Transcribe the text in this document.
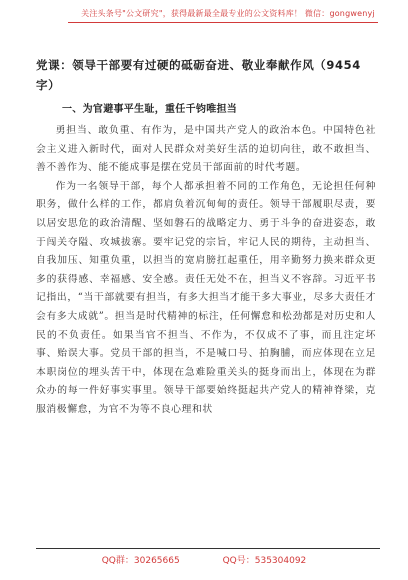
关注头条号"公文研究"，获得最新最全最专业的公文资料库！ 微信：gongwenyj
党课：领导干部要有过硬的砥砺奋进、敬业奉献作风（9454字）
一、为官避事平生耻，重任千钧唯担当

勇担当、敢负重、有作为，是中国共产党人的政治本色。中国特色社会主义进入新时代，面对人民群众对美好生活的迫切向往，敢不敢担当、善不善作为、能不能成事是摆在党员干部面前的时代考题。

作为一名领导干部，每个人都承担着不同的工作角色，无论担任何种职务，做什么样的工作，都肩负着沉甸甸的责任。领导干部履职尽责，要以居安思危的政治清醒、坚如磐石的战略定力、勇于斗争的奋进姿态，敢于闯关夺隘、攻城拔寨。要牢记党的宗旨，牢记人民的期待，主动担当、自我加压、知重负重，以担当的宽肩膀扛起重任，用辛勤努力换来群众更多的获得感、幸福感、安全感。责任无处不在，担当义不容辞。习近平书记指出，“当干部就要有担当，有多大担当才能干多大事业，尽多大责任才会有多大成就”。担当是时代精神的标注，任何懈怠和松劲都是对历史和人民的不负责任。如果当官不担当、不作为，不仅成不了事，而且注定坏事、贻误大事。党员干部的担当，不是喊口号、拍胸脯，而应体现在立足本职岗位的埋头苦干中，体现在急难险重关头的挺身而出上，体现在为群众办的每一件好事实事里。领导干部要始终挺起共产党人的精神脊梁，克服消极懈怠，为官不为等不良心理和状

QQ群：30265665	QQ号：535304092
